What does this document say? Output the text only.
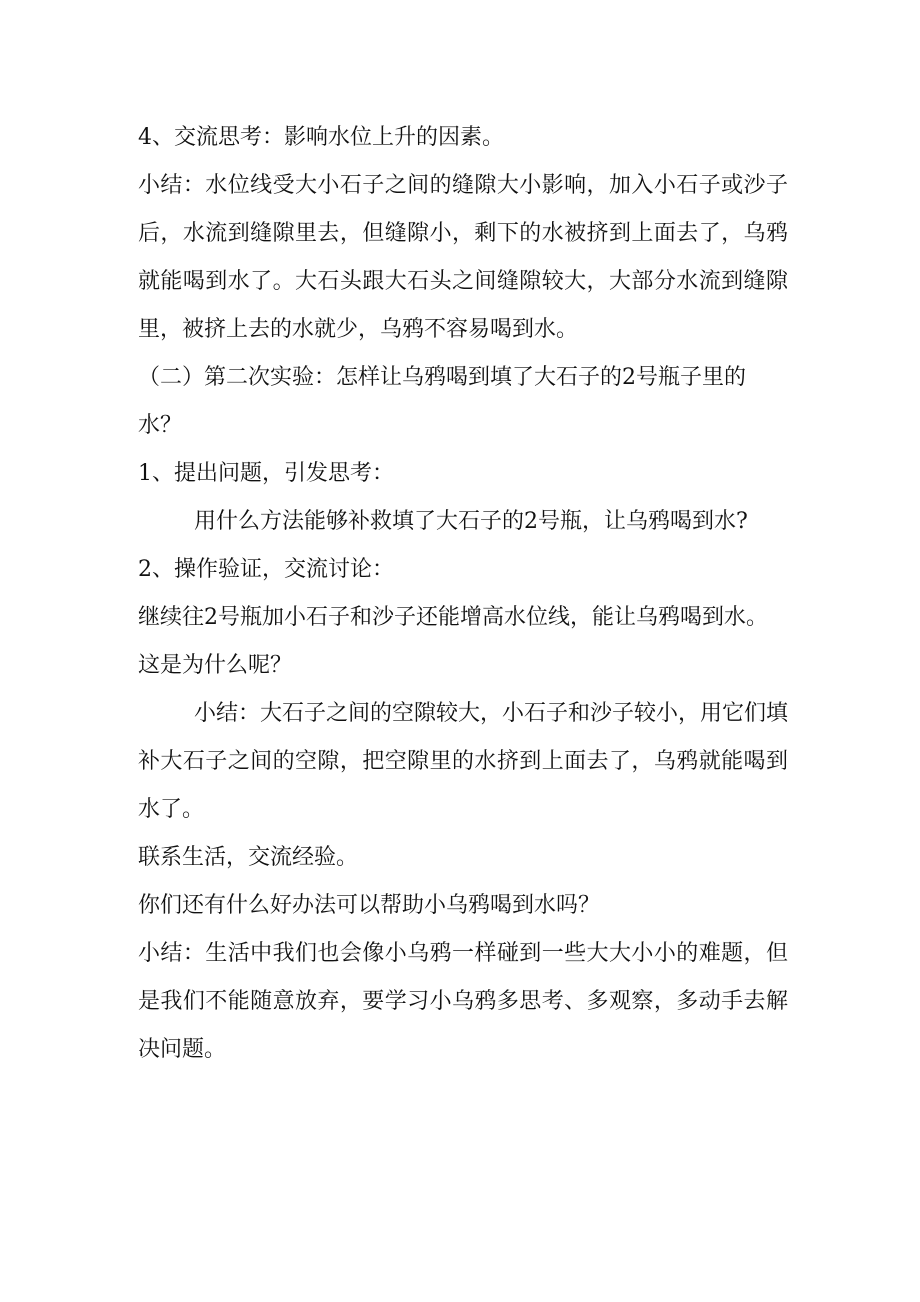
4、交流思考：影响水位上升的因素。

小结：水位线受大小石子之间的缝隙大小影响，加入小石子或沙子后，水流到缝隙里去，但缝隙小，剩下的水被挤到上面去了，乌鸦就能喝到水了。大石头跟大石头之间缝隙较大，大部分水流到缝隙里，被挤上去的水就少，乌鸦不容易喝到水。

（二）第二次实验：怎样让乌鸦喝到填了大石子的2号瓶子里的水？

1、提出问题，引发思考：

用什么方法能够补救填了大石子的2号瓶，让乌鸦喝到水?

2、操作验证，交流讨论：

继续往2号瓶加小石子和沙子还能增高水位线，能让乌鸦喝到水。

这是为什么呢？

小结：大石子之间的空隙较大，小石子和沙子较小，用它们填补大石子之间的空隙，把空隙里的水挤到上面去了，乌鸦就能喝到水了。

联系生活，交流经验。

你们还有什么好办法可以帮助小乌鸦喝到水吗？

小结：生活中我们也会像小乌鸦一样碰到一些大大小小的难题，但是我们不能随意放弃，要学习小乌鸦多思考、多观察，多动手去解决问题。
